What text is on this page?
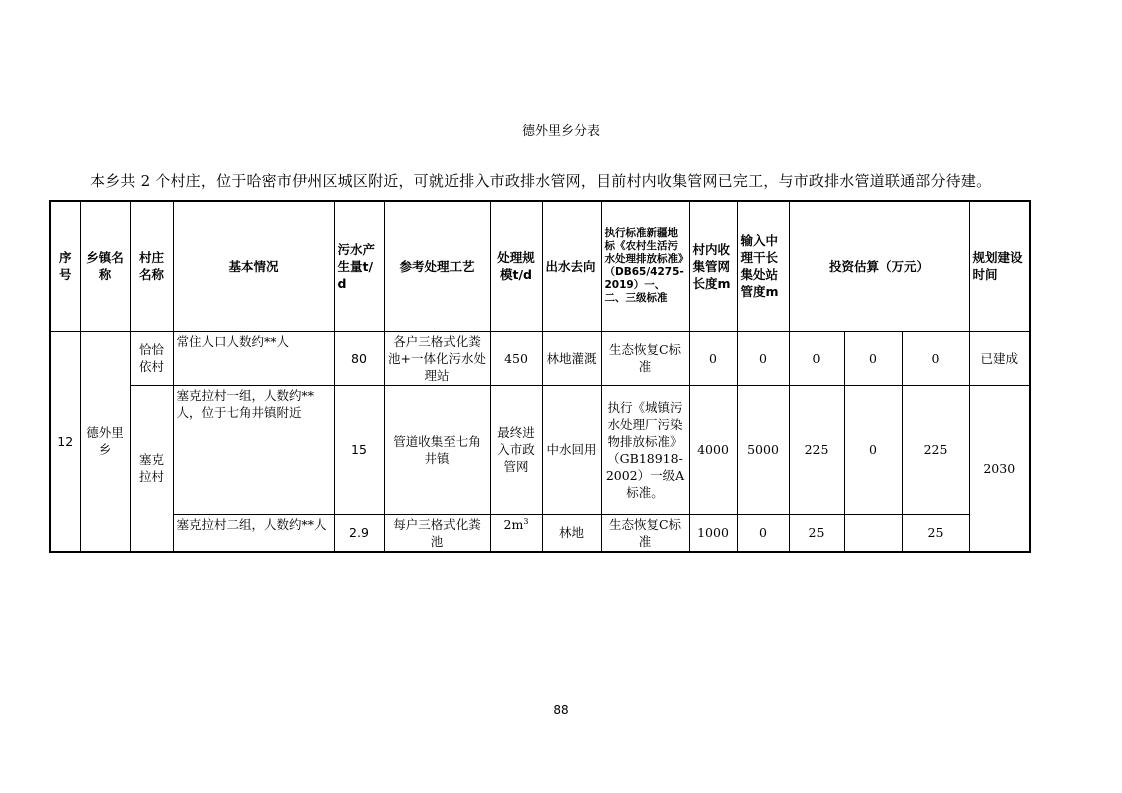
德外里乡分表
本乡共 2 个村庄，位于哈密市伊州区城区附近，可就近排入市政排水管网，目前村内收集管网已完工，与市政排水管道联通部分待建。
序号	乡镇名称	村庄名称	基本情况	污水产生量t/d	参考处理工艺	处理规模t/d	出水去向	执行标准新疆地标《农村生活污水处理排放标准》（DB65/4275-2019）一、二、三级标准	村内收集管网长度m	输入中理干长集处站管度m	投资估算（万元）			规划建设时间
12	德外里乡	恰恰依村	常住人口人数约**人	80	各户三格式化粪池+一体化污水处理站	450	林地灌溉	生态恢复C标准	0	0	0	0	0	已建成
		塞克拉村	塞克拉村一组，人数约**人，位于七角井镇附近	15	管道收集至七角井镇	最终进入市政管网	中水回用	执行《城镇污水处理厂污染物排放标准》（GB18918-2002）一级A标准。	4000	5000	225	0	225	2030
			塞克拉村二组，人数约**人	2.9	每户三格式化粪池	$2m^3$	林地	生态恢复C标准	1000	0	25		25	
88
